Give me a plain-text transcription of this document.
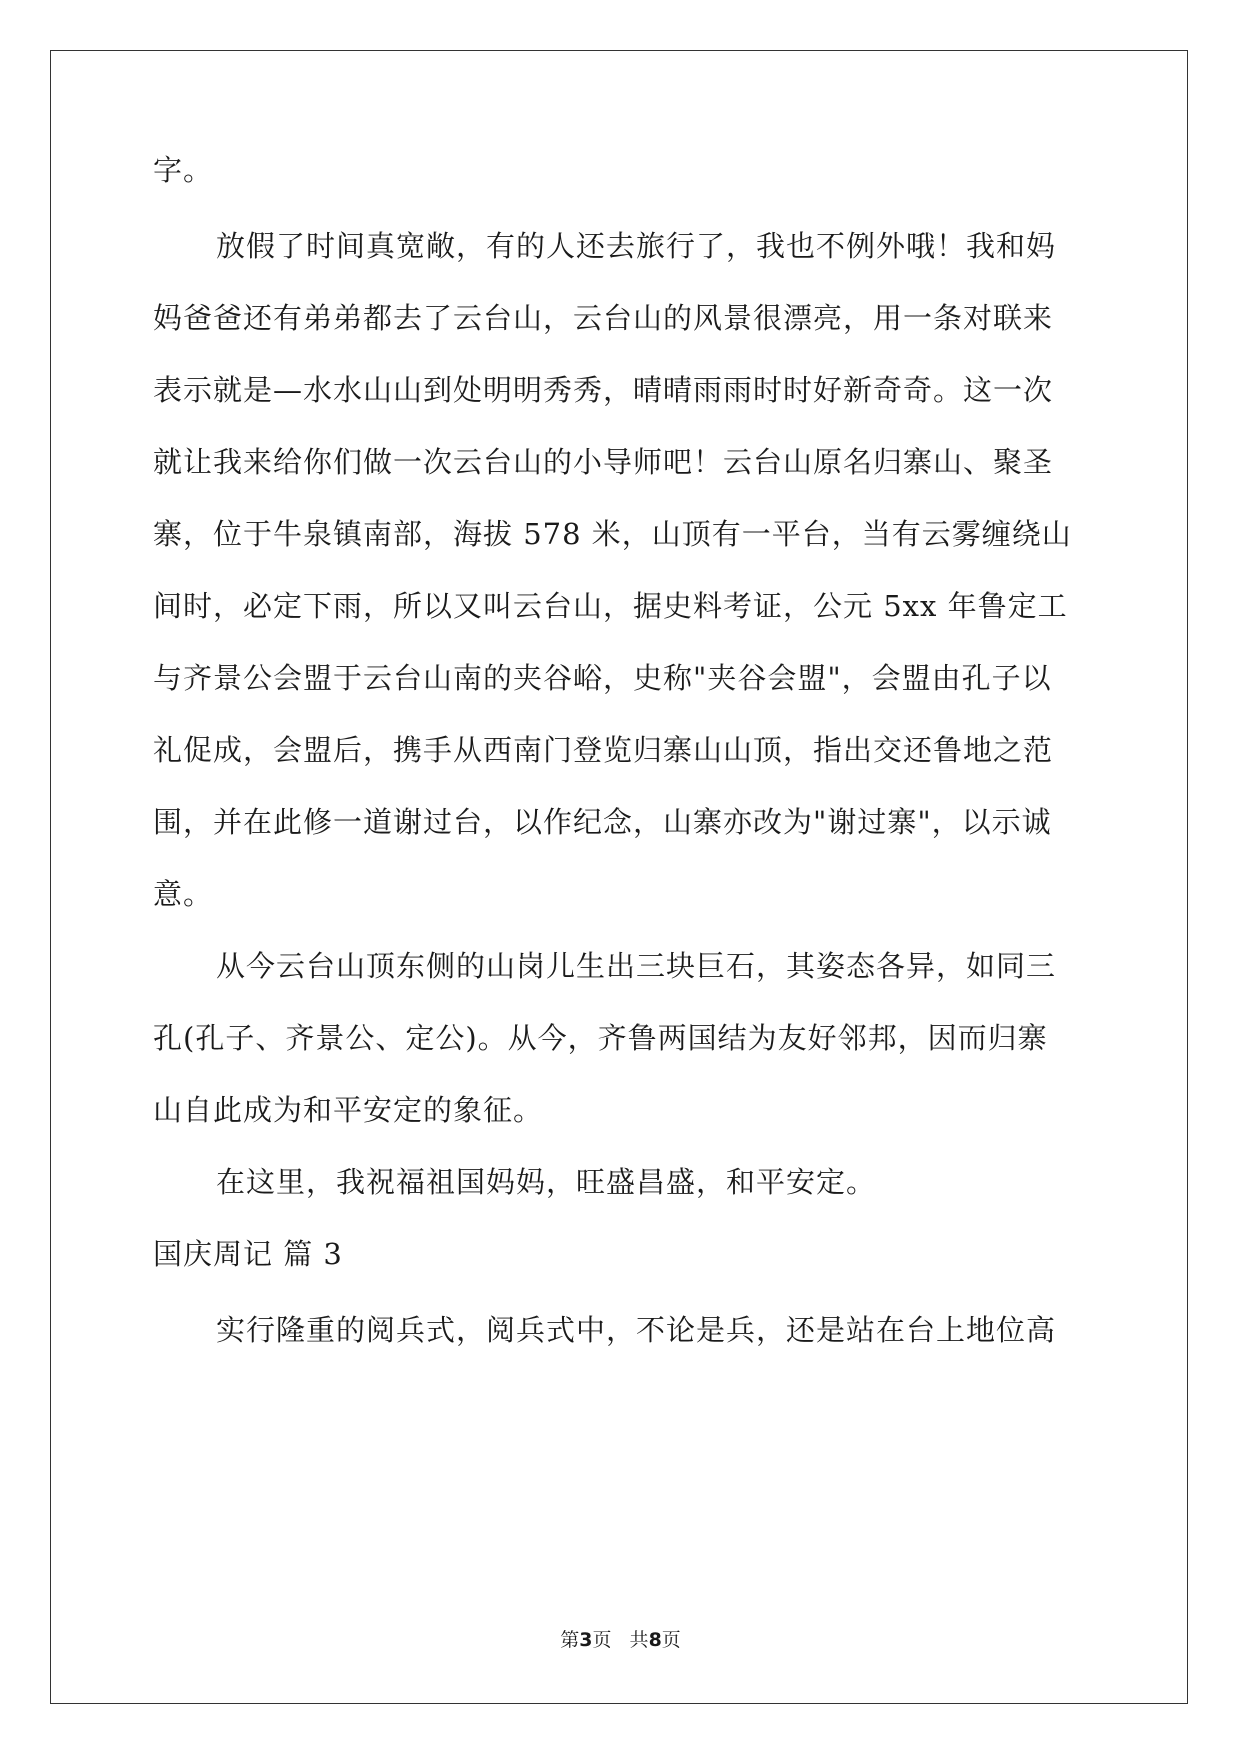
字。
放假了时间真宽敞，有的人还去旅行了，我也不例外哦！我和妈
妈爸爸还有弟弟都去了云台山，云台山的风景很漂亮，用一条对联来
表示就是—水水山山到处明明秀秀，晴晴雨雨时时好新奇奇。这一次
就让我来给你们做一次云台山的小导师吧！云台山原名归寨山、聚圣
寨，位于牛泉镇南部，海拔 578 米，山顶有一平台，当有云雾缠绕山
间时，必定下雨，所以又叫云台山，据史料考证，公元 5xx 年鲁定工
与齐景公会盟于云台山南的夹谷峪，史称"夹谷会盟"，会盟由孔子以
礼促成，会盟后，携手从西南门登览归寨山山顶，指出交还鲁地之范
围，并在此修一道谢过台，以作纪念，山寨亦改为"谢过寨"，以示诚
意。
从今云台山顶东侧的山岗儿生出三块巨石，其姿态各异，如同三
孔(孔子、齐景公、定公)。从今，齐鲁两国结为友好邻邦，因而归寨
山自此成为和平安定的象征。
在这里，我祝福祖国妈妈，旺盛昌盛，和平安定。
国庆周记 篇 3
实行隆重的阅兵式，阅兵式中，不论是兵，还是站在台上地位高
第3页   共8页
